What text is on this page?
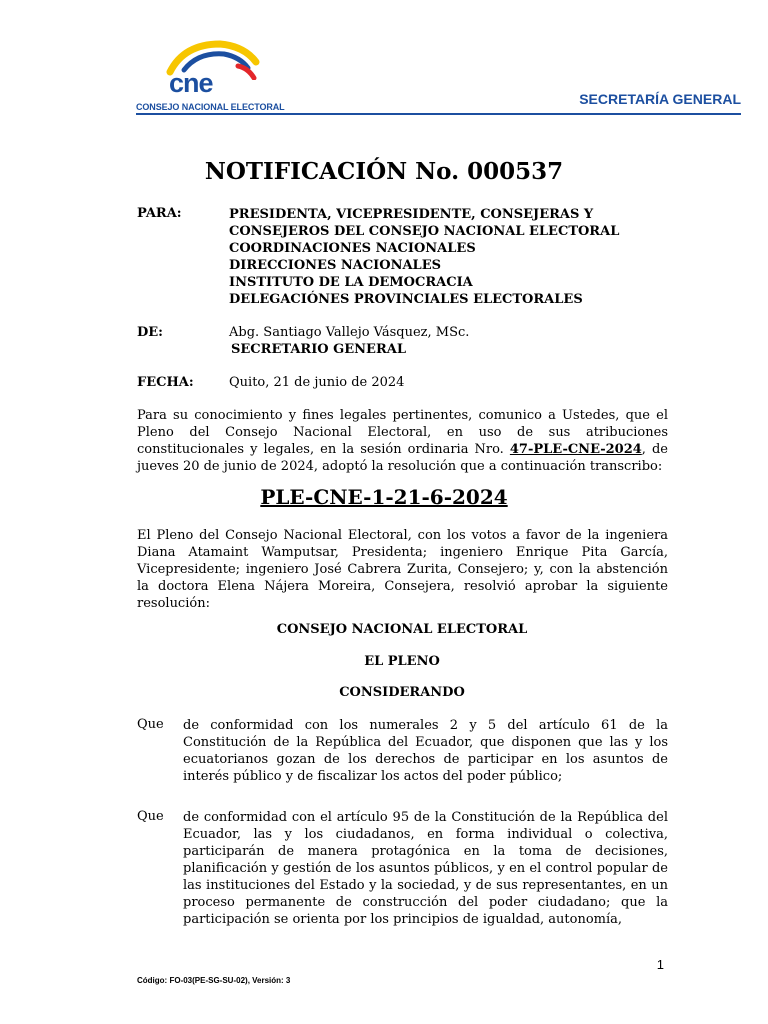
cne
CONSEJO NACIONAL ELECTORAL	SECRETARÍA GENERAL
NOTIFICACIÓN No. 000537
PARA:	PRESIDENTA, VICEPRESIDENTE, CONSEJERAS Y
CONSEJEROS DEL CONSEJO NACIONAL ELECTORAL
COORDINACIONES NACIONALES
DIRECCIONES NACIONALES
INSTITUTO DE LA DEMOCRACIA
DELEGACIÓNES PROVINCIALES ELECTORALES
DE:	Abg. Santiago Vallejo Vásquez, MSc.
SECRETARIO GENERAL
FECHA:	Quito, 21 de junio de 2024
Para su conocimiento y fines legales pertinentes, comunico a Ustedes, que el Pleno del Consejo Nacional Electoral, en uso de sus atribuciones constitucionales y legales, en la sesión ordinaria Nro. 47-PLE-CNE-2024, de jueves 20 de junio de 2024, adoptó la resolución que a continuación transcribo:
PLE-CNE-1-21-6-2024
El Pleno del Consejo Nacional Electoral, con los votos a favor de la ingeniera Diana Atamaint Wamputsar, Presidenta; ingeniero Enrique Pita García, Vicepresidente; ingeniero José Cabrera Zurita, Consejero; y, con la abstención la doctora Elena Nájera Moreira, Consejera, resolvió aprobar la siguiente resolución:
CONSEJO NACIONAL ELECTORAL
EL PLENO
CONSIDERANDO
Que de conformidad con los numerales 2 y 5 del artículo 61 de la Constitución de la República del Ecuador, que disponen que las y los ecuatorianos gozan de los derechos de participar en los asuntos de interés público y de fiscalizar los actos del poder público;
Que de conformidad con el artículo 95 de la Constitución de la República del Ecuador, las y los ciudadanos, en forma individual o colectiva, participarán de manera protagónica en la toma de decisiones, planificación y gestión de los asuntos públicos, y en el control popular de las instituciones del Estado y la sociedad, y de sus representantes, en un proceso permanente de construcción del poder ciudadano; que la participación se orienta por los principios de igualdad, autonomía,
1
Código: FO-03(PE-SG-SU-02), Versión: 3
